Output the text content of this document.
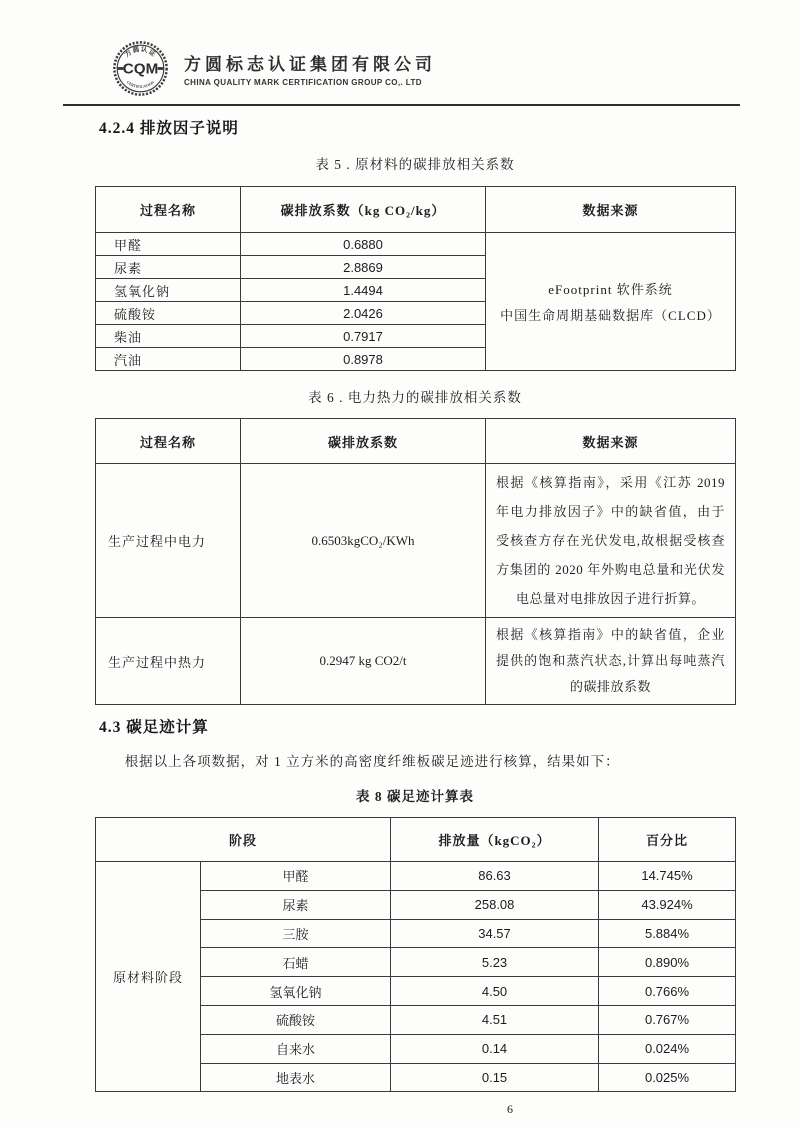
方圆认证
CERTIFICATION
CQM 方圆标志认证集团有限公司
CHINA QUALITY MARK CERTIFICATION GROUP CO,. LTD
4.2.4 排放因子说明

表 5 . 原材料的碳排放相关系数

过程名称	碳排放系数（kg CO₂/kg）	数据来源
甲醛	0.6880	eFootprint 软件系统
中国生命周期基础数据库（CLCD）

尿素	2.8869	
氢氧化钠	1.4494	
硫酸铵	2.0426	
柴油	0.7917	
汽油	0.8978	

表 6 . 电力热力的碳排放相关系数

过程名称	碳排放系数	数据来源
生产过程中电力	0.6503kgCO₂/KWh	根据《核算指南》，采用《江苏 2019 年电力排放因子》中的缺省值，由于受核查方存在光伏发电,故根据受核查方集团的 2020 年外购电总量和光伏发电总量对电排放因子进行折算。
生产过程中热力	0.2947 kg CO2/t	根据《核算指南》中的缺省值，企业提供的饱和蒸汽状态,计算出每吨蒸汽的碳排放系数
4.3 碳足迹计算

根据以上各项数据，对 1 立方米的高密度纤维板碳足迹进行核算，结果如下：

表 8 碳足迹计算表

阶段		排放量（kgCO₂）	百分比
原材料阶段	甲醛	86.63	14.745%
	尿素	258.08	43.924%
	三胺	34.57	5.884%
	石蜡	5.23	0.890%
	氢氧化钠	4.50	0.766%
	硫酸铵	4.51	0.767%
	自来水	0.14	0.024%
	地表水	0.15	0.025%
6
